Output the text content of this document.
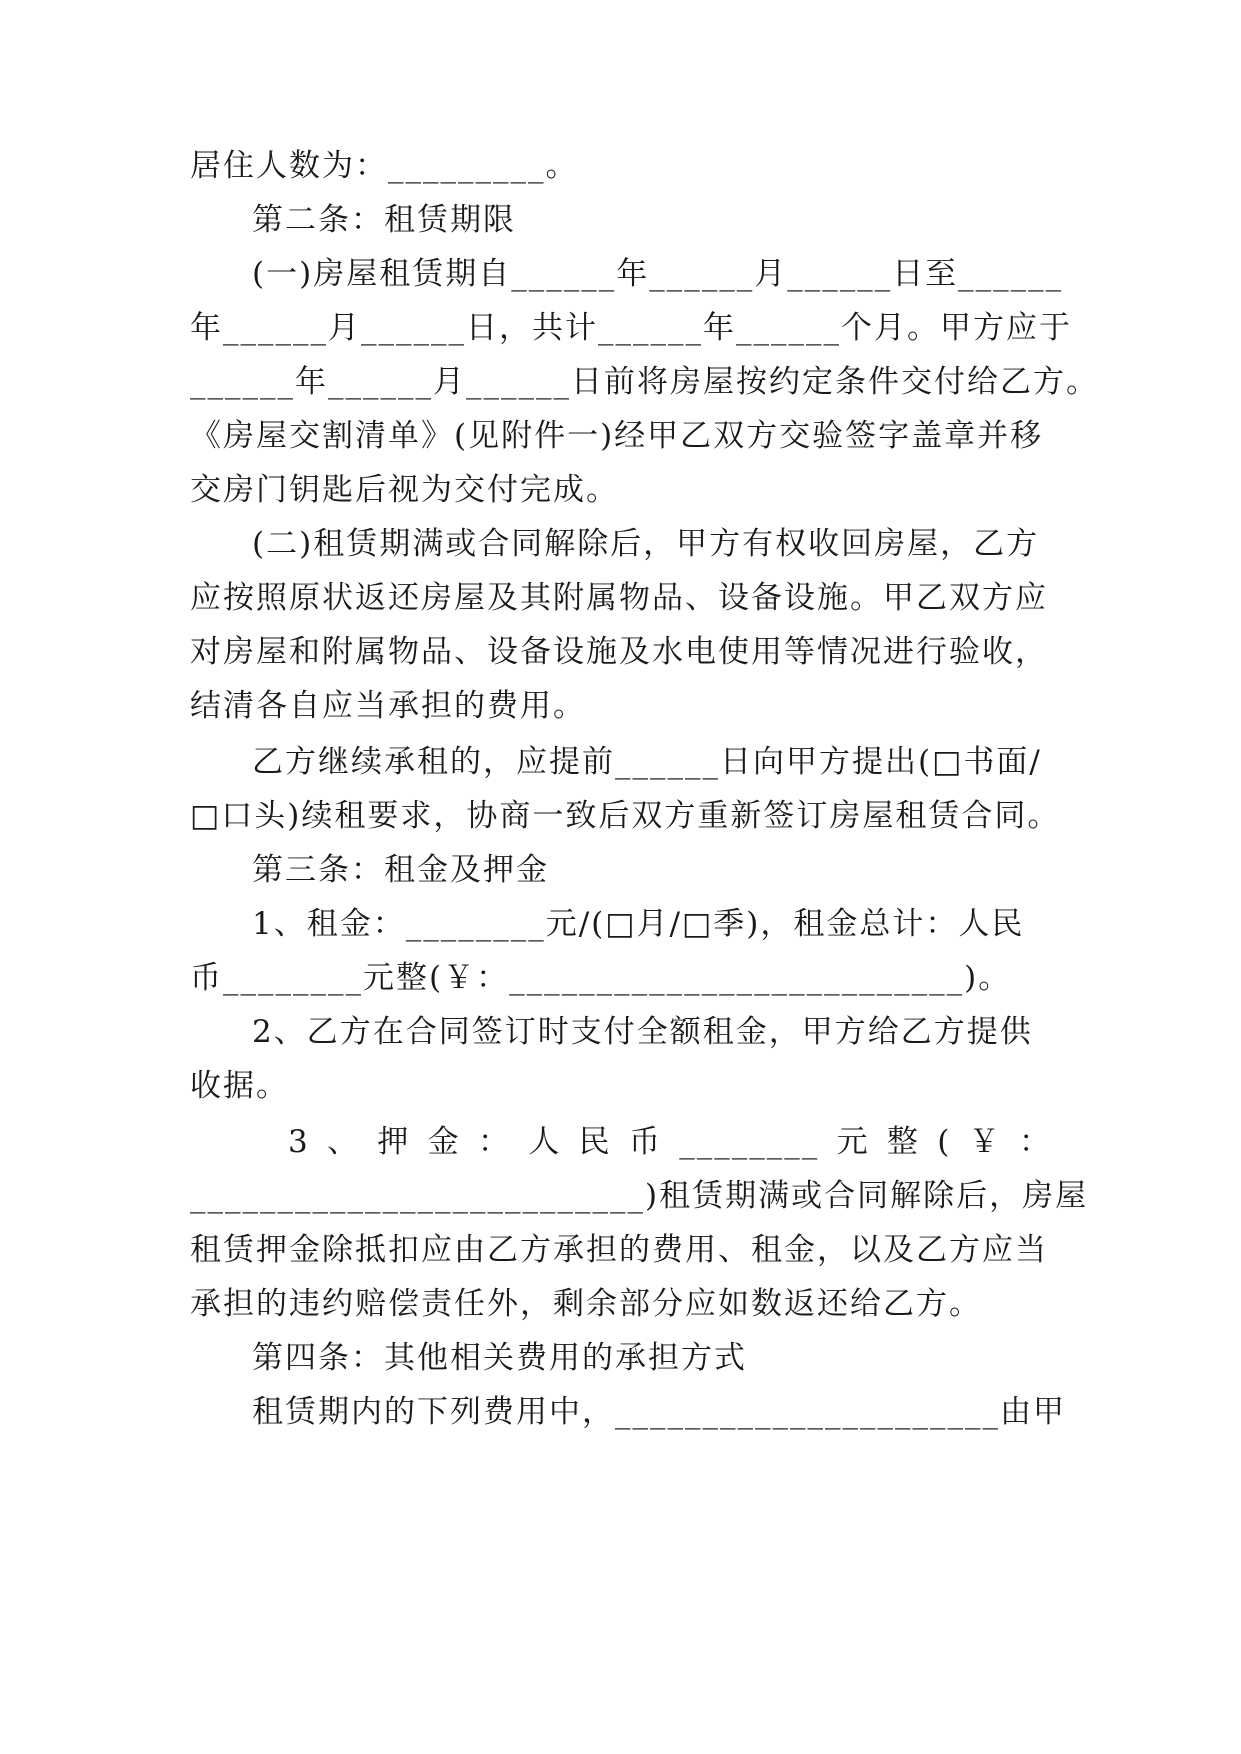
居住人数为：_________。
第二条：租赁期限
(一)房屋租赁期自______年______月______日至______
年______月______日，共计______年______个月。甲方应于
______年______月______日前将房屋按约定条件交付给乙方。
《房屋交割清单》(见附件一)经甲乙双方交验签字盖章并移
交房门钥匙后视为交付完成。
(二)租赁期满或合同解除后，甲方有权收回房屋，乙方
应按照原状返还房屋及其附属物品、设备设施。甲乙双方应
对房屋和附属物品、设备设施及水电使用等情况进行验收，
结清各自应当承担的费用。
乙方继续承租的，应提前______日向甲方提出(□书面/
□口头)续租要求，协商一致后双方重新签订房屋租赁合同。
第三条：租金及押金
1、租金：________元/(□月/□季)，租金总计：人民
币________元整(￥：__________________________)。
2、乙方在合同签订时支付全额租金，甲方给乙方提供
收据。
3、押金：人民币________元整(￥：
__________________________)租赁期满或合同解除后，房屋
租赁押金除抵扣应由乙方承担的费用、租金，以及乙方应当
承担的违约赔偿责任外，剩余部分应如数返还给乙方。
第四条：其他相关费用的承担方式
租赁期内的下列费用中，______________________由甲
